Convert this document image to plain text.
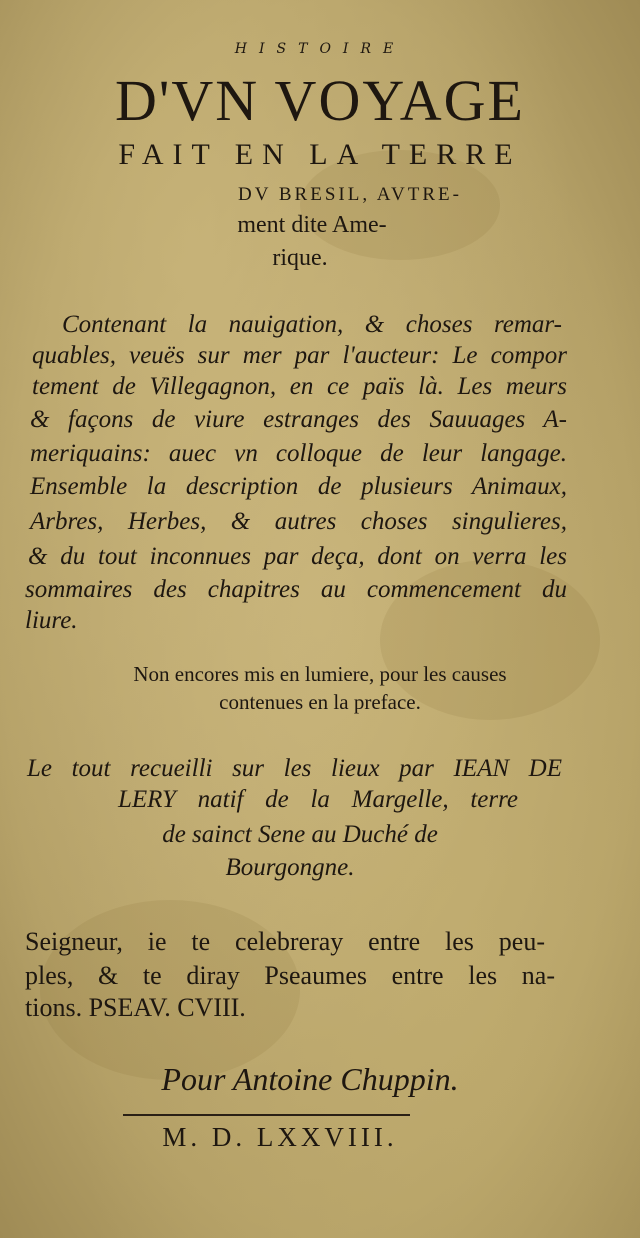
HISTOIRE
D'VN VOYAGE
FAIT EN LA TERRE
DV BRESIL, AVTRE-
ment dite Ame-
rique.
Contenant la nauigation, & choses remar-
quables, veuës sur mer par l'aucteur: Le compor
tement de Villegagnon, en ce païs là. Les meurs
& façons de viure estranges des Sauuages A-
meriquains: auec vn colloque de leur langage.
Ensemble la description de plusieurs Animaux,
Arbres, Herbes, & autres choses singulieres,
& du tout inconnues par deça, dont on verra les
sommaires des chapitres au commencement du
liure.
Non encores mis en lumiere, pour les causes
contenues en la preface.
Le tout recueilli sur les lieux par IEAN DE
LERY natif de la Margelle, terre
de sainct Sene au Duché de
Bourgongne.
Seigneur, ie te celebreray entre les peu-
ples, & te diray Pseaumes entre les na-
tions. PSEAV. CVIII.
Pour Antoine Chuppin.
M. D. LXXVIII.
